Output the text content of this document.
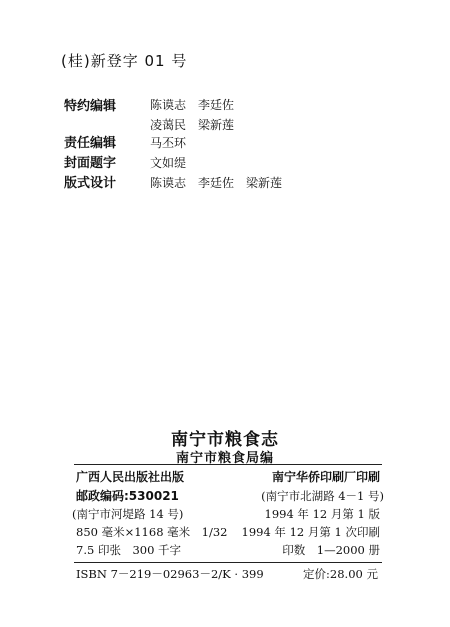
(桂)新登字 01 号
特约编辑	陈谟志 李廷佐
凌蔼民 梁新莲
责任编辑	马丕环
封面题字	文如缇
版式设计	陈谟志 李廷佐 梁新莲
南宁市粮食志
南宁市粮食局编
广西人民出版社出版	南宁华侨印刷厂印刷
邮政编码:530021	(南宁市北湖路 4－1 号)
(南宁市河堤路 14 号)	1994 年 12 月第 1 版
850 毫米×1168 毫米　1/32 1994 年 12 月第 1 次印刷
7.5 印张　300 千字	印数　1—2000 册
ISBN 7－219－02963－2/K · 399	定价:28.00 元
